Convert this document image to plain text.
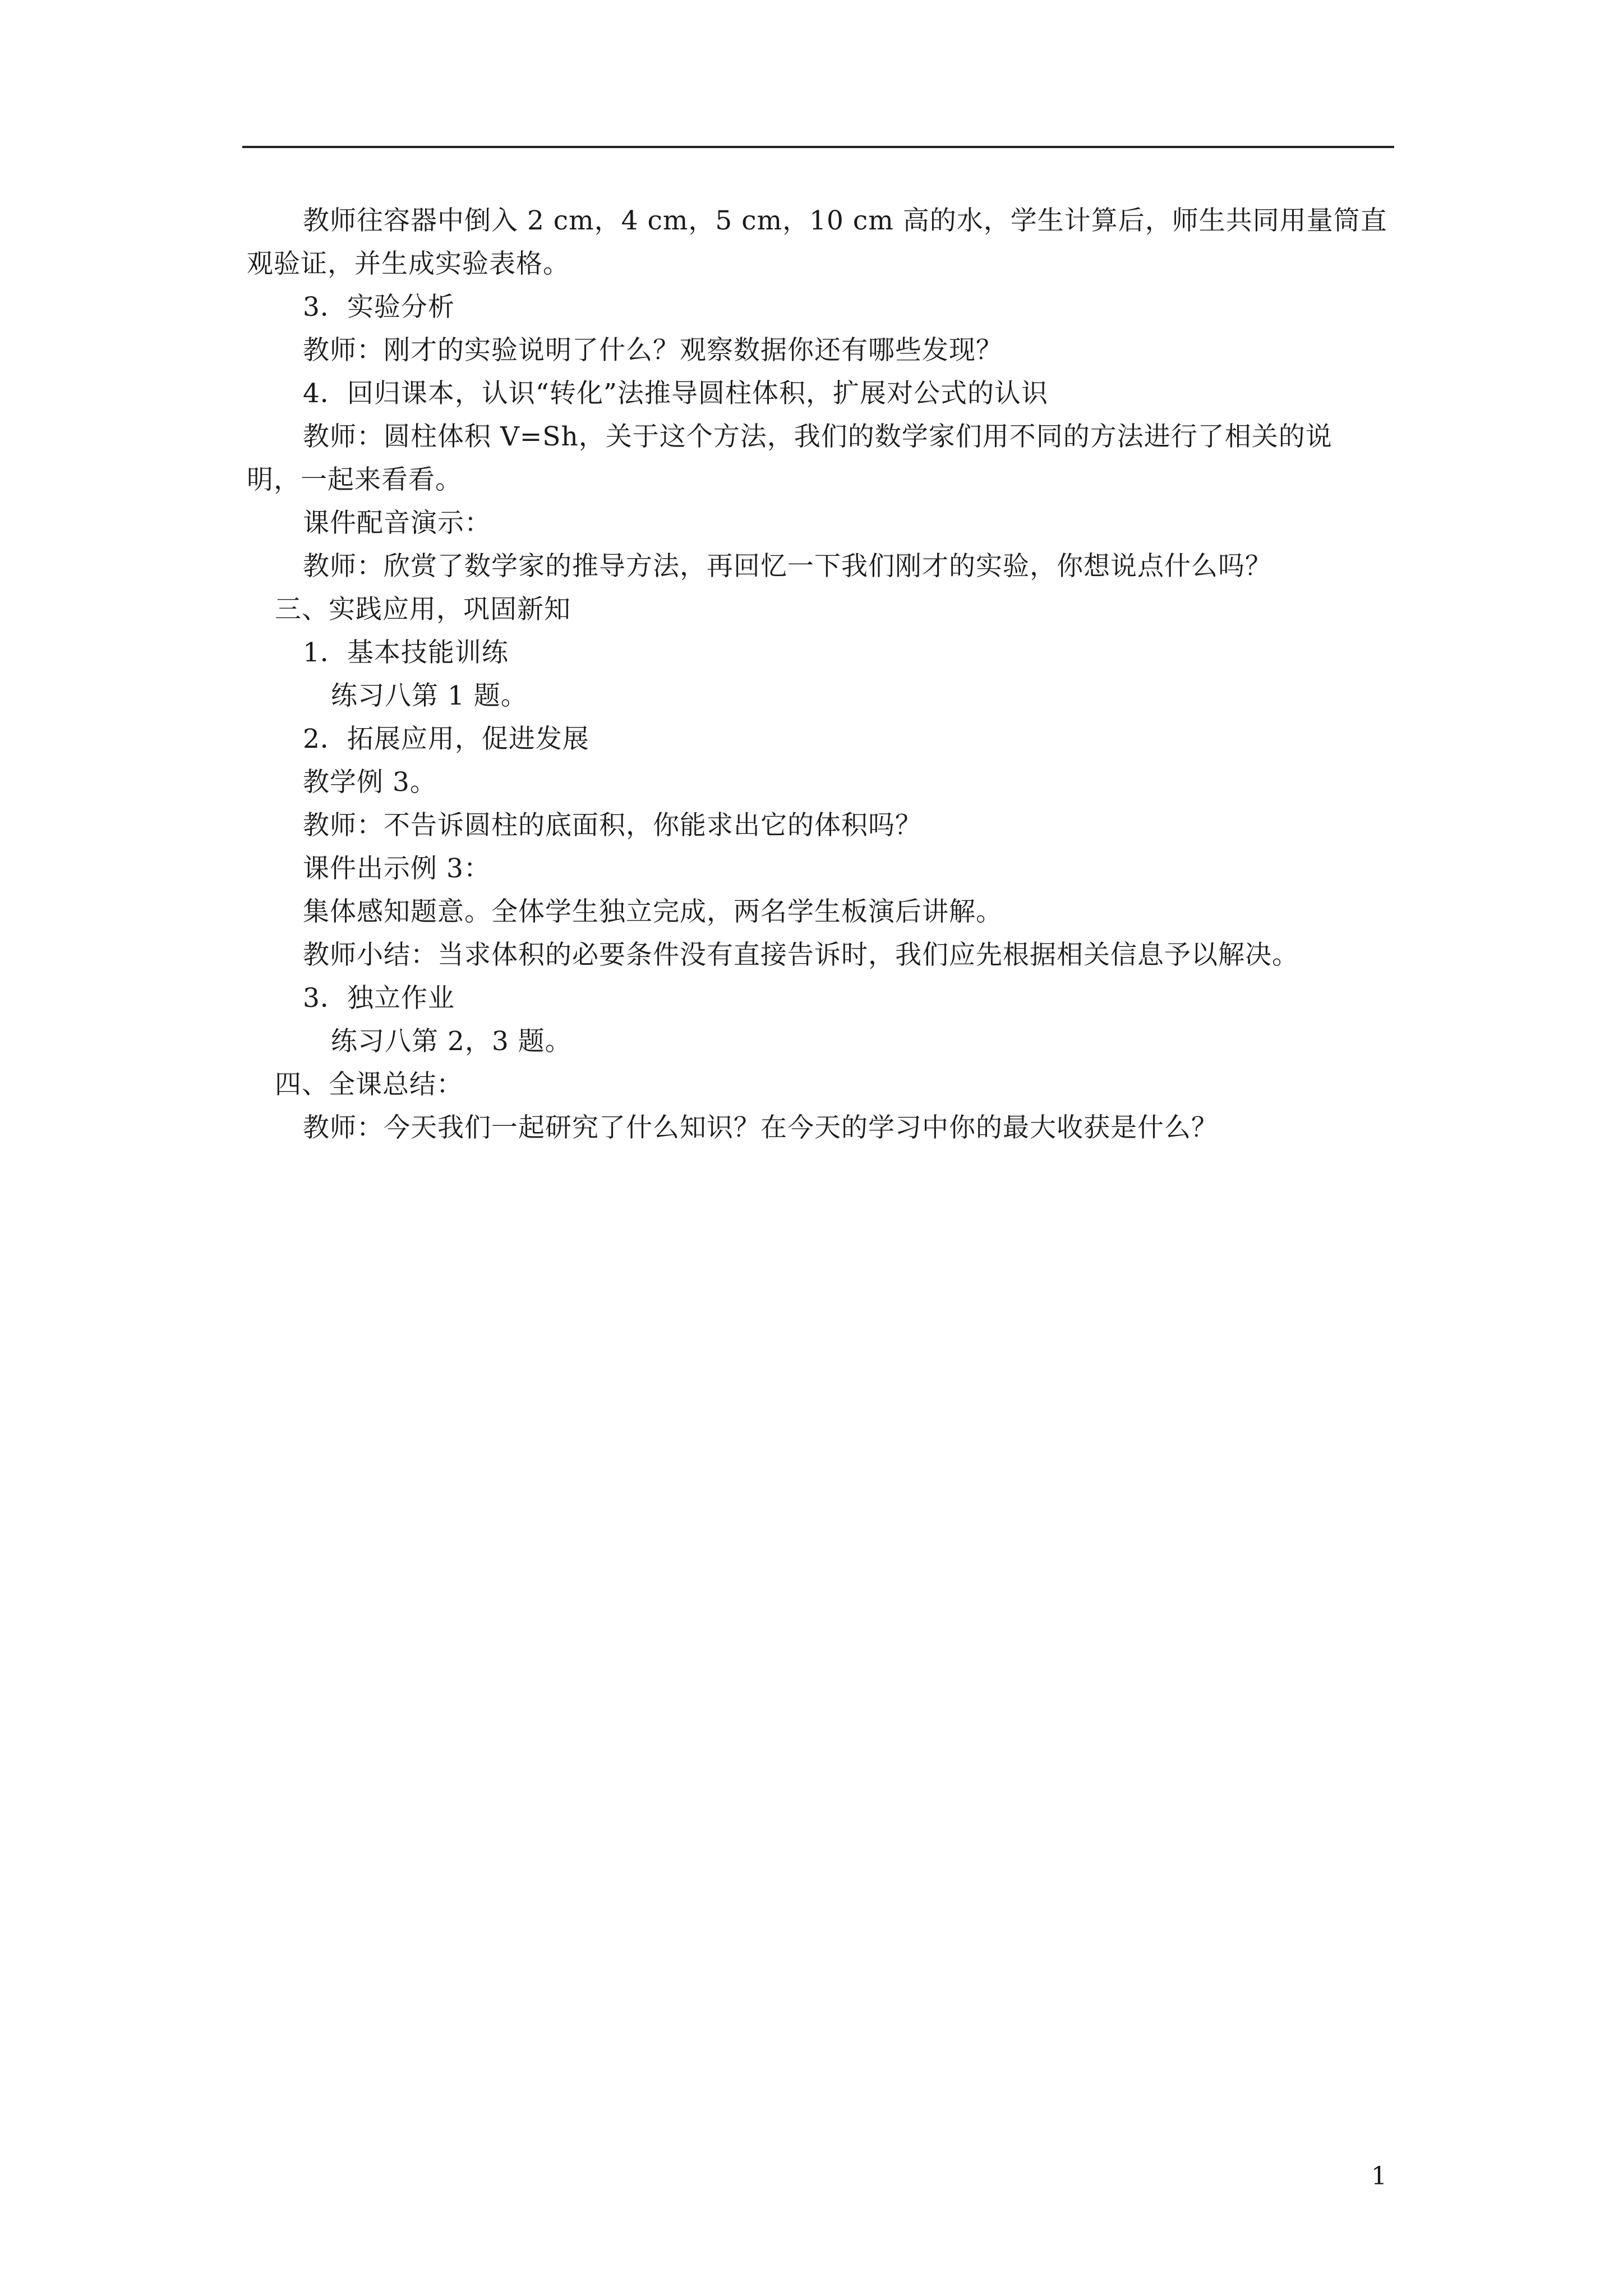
教师往容器中倒入 2 cm，4 cm，5 cm，10 cm 高的水，学生计算后，师生共同用量筒直
观验证，并生成实验表格。
3．实验分析
教师：刚才的实验说明了什么？观察数据你还有哪些发现？
4．回归课本，认识“转化”法推导圆柱体积，扩展对公式的认识
教师：圆柱体积 V=Sh，关于这个方法，我们的数学家们用不同的方法进行了相关的说
明，一起来看看。
课件配音演示：
教师：欣赏了数学家的推导方法，再回忆一下我们刚才的实验，你想说点什么吗？
三、实践应用，巩固新知
1．基本技能训练
练习八第 1 题。
2．拓展应用，促进发展
教学例 3。
教师：不告诉圆柱的底面积，你能求出它的体积吗？
课件出示例 3：
集体感知题意。全体学生独立完成，两名学生板演后讲解。
教师小结：当求体积的必要条件没有直接告诉时，我们应先根据相关信息予以解决。
3．独立作业
练习八第 2，3 题。
四、全课总结：
教师：今天我们一起研究了什么知识？在今天的学习中你的最大收获是什么？
1
